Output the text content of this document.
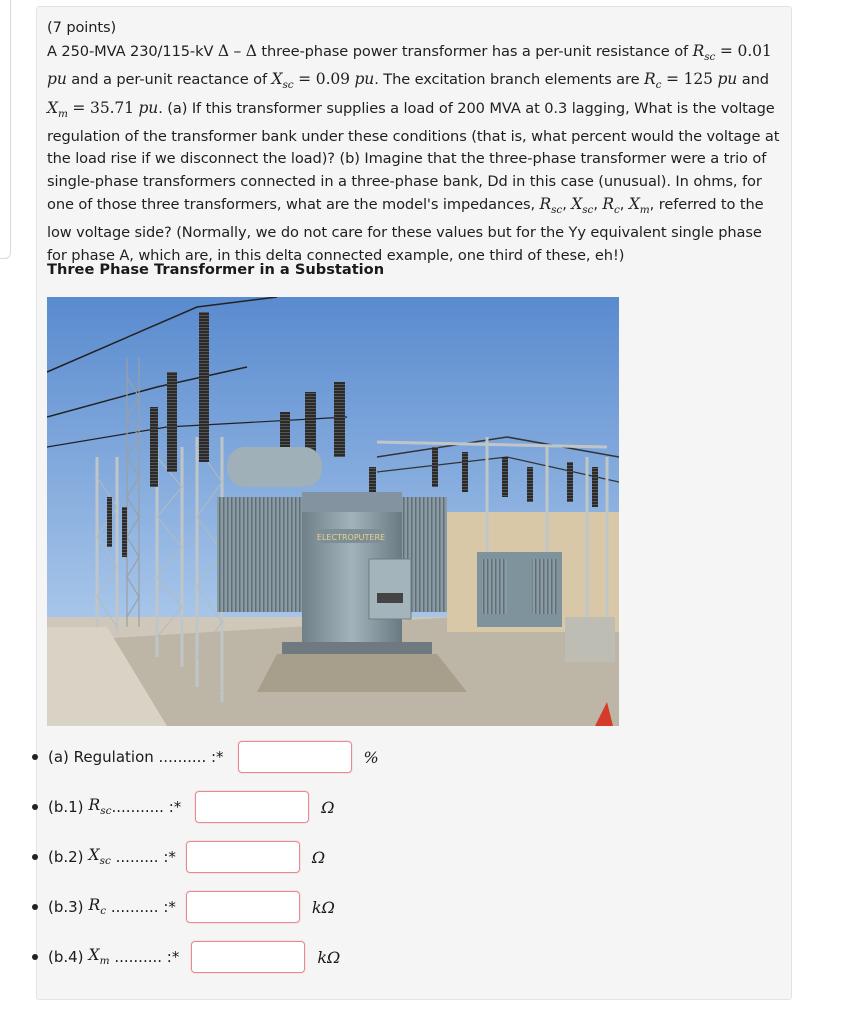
(7 points)
A 250-MVA 230/115-kV Δ – Δ three-phase power transformer has a per-unit resistance of $R_{sc} = 0.01$ pu and a per-unit reactance of $X_{sc} = 0.09$ pu. The excitation branch elements are $R_c = 125$ pu and $X_m = 35.71$ pu. (a) If this transformer supplies a load of 200 MVA at 0.3 lagging, What is the voltage regulation of the transformer bank under these conditions (that is, what percent would the voltage at the load rise if we disconnect the load)? (b) Imagine that the three-phase transformer were a trio of single-phase transformers connected in a three-phase bank, Dd in this case (unusual). In ohms, for one of those three transformers, what are the model's impedances, $R_{sc}$, $X_{sc}$, $R_c$, $X_m$, referred to the low voltage side? (Normally, we do not care for these values but for the Yy equivalent single phase for phase A, which are, in this delta connected example, one third of these, eh!)
Three Phase Transformer in a Substation
ELECTROPUTERE
(a) Regulation .......... :*	%
(b.1) $R_{sc}$ ........... :*	Ω
(b.2) $X_{sc}$ ......... :*	Ω
(b.3) $R_c$ .......... :*	kΩ
(b.4) $X_m$ .......... :*	kΩ
